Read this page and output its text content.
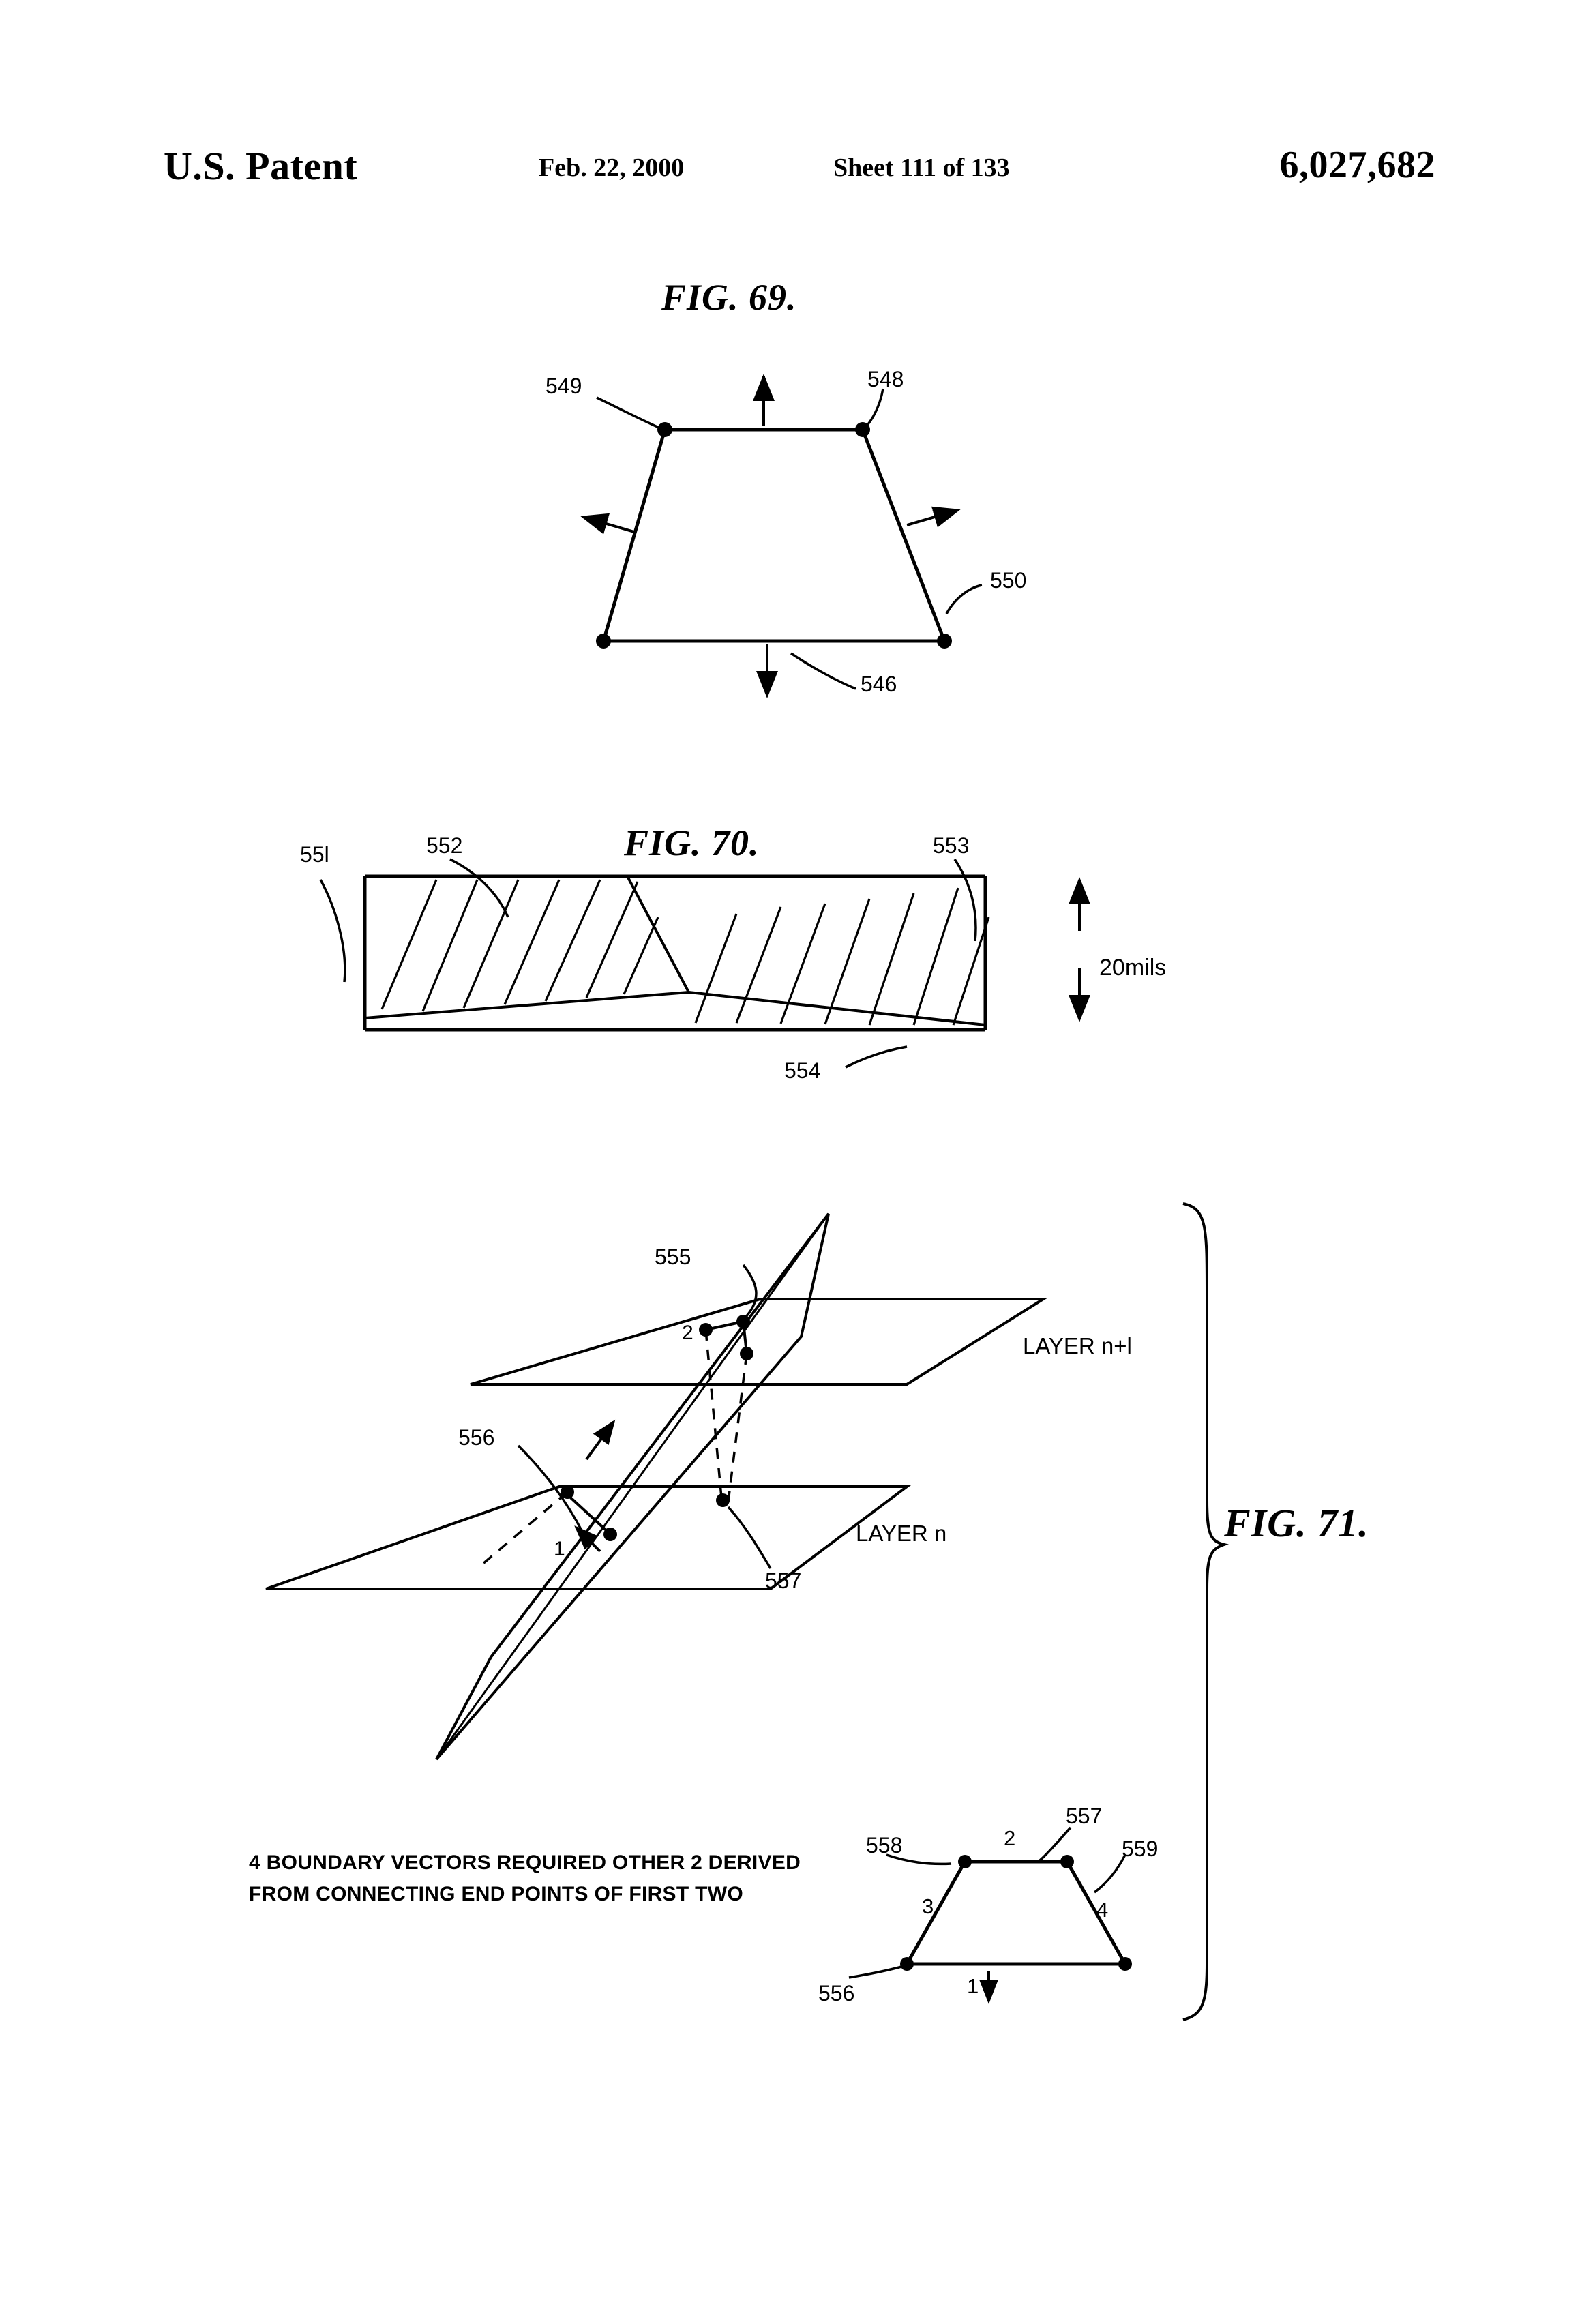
U.S. Patent	Feb. 22, 2000	Sheet 111 of 133	6,027,682
FIG. 69.
549	548
550
546
FIG. 70.
55l	552	553
554
20mils
FIG. 71.
555
556
557
LAYER n+l
LAYER n
2
1
4 BOUNDARY VECTORS REQUIRED OTHER 2 DERIVED
FROM CONNECTING END POINTS OF FIRST TWO
557
558	559
556
2
3	4
1
